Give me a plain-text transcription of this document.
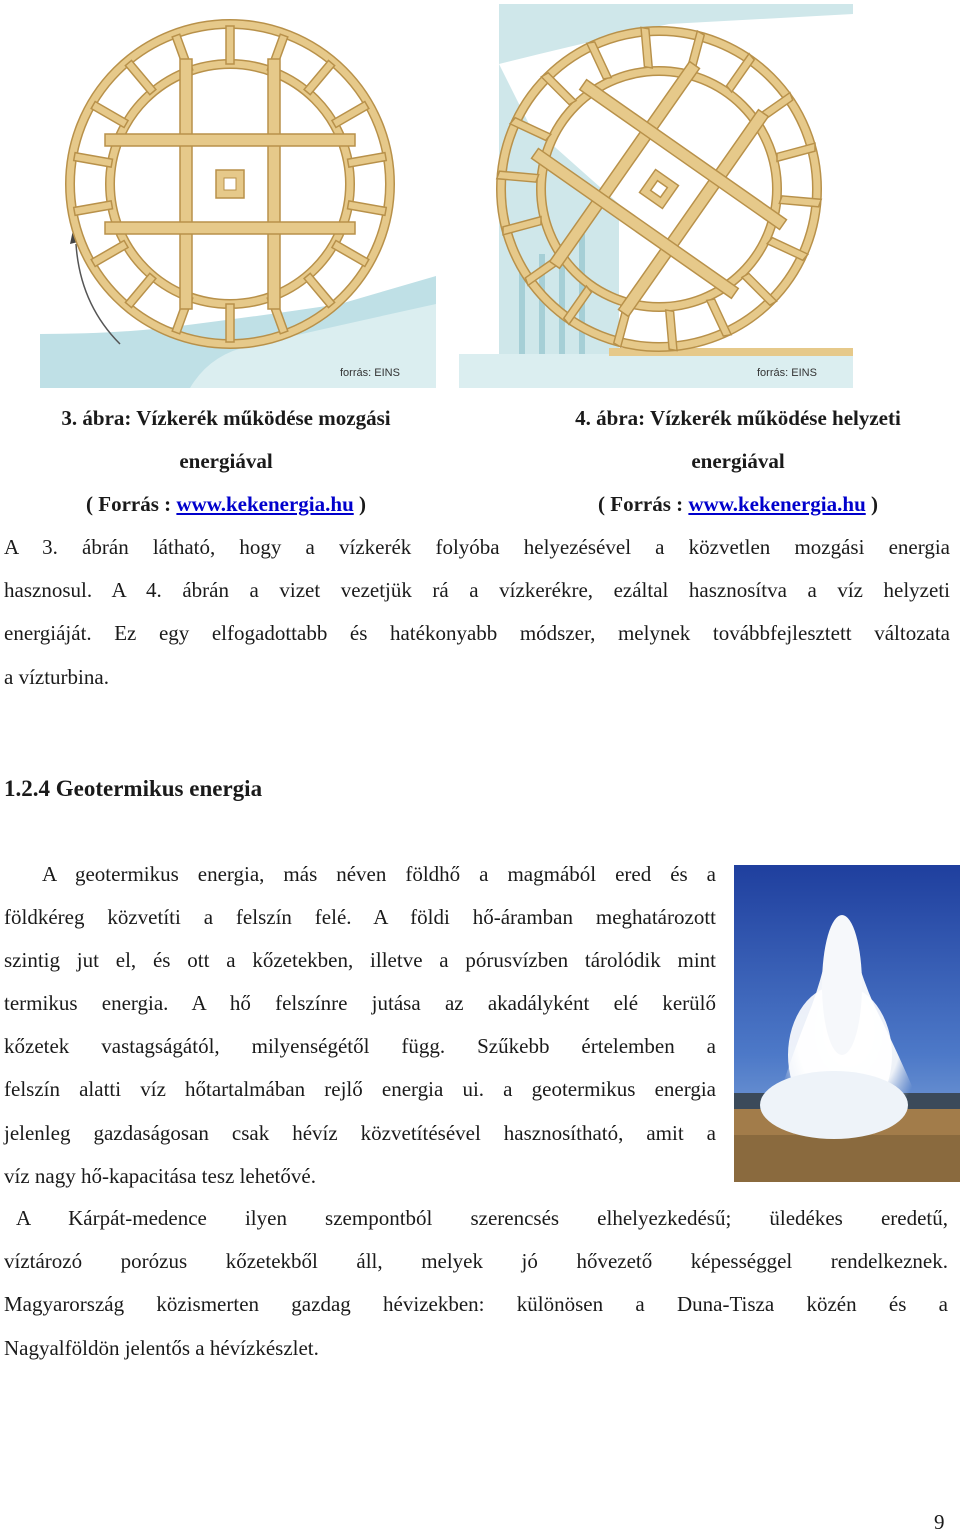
forrás: EINS	forrás: EINS
3. ábra: Vízkerék működése mozgási
energiával
( Forrás : www.kekenergia.hu )
4. ábra: Vízkerék működése helyzeti
energiával
( Forrás : www.kekenergia.hu )
A 3. ábrán látható, hogy a vízkerék folyóba helyezésével a közvetlen mozgási energia
hasznosul. A 4. ábrán a vizet vezetjük rá a vízkerékre, ezáltal hasznosítva a víz helyzeti
energiáját. Ez egy elfogadottabb és hatékonyabb módszer, melynek továbbfejlesztett változata
a vízturbina.
1.2.4 Geotermikus energia
A geotermikus energia, más néven földhő a magmából ered és a
földkéreg közvetíti a felszín felé. A földi hő-áramban meghatározott
szintig jut el, és ott a kőzetekben, illetve a pórusvízben tárolódik mint
termikus energia. A hő felszínre jutása az akadályként elé kerülő
kőzetek vastagságától, milyenségétől függ. Szűkebb értelemben a
felszín alatti víz hőtartalmában rejlő energia ui. a geotermikus energia
jelenleg gazdaságosan csak hévíz közvetítésével hasznosítható, amit a
víz nagy hő-kapacitása tesz lehetővé.
A Kárpát-medence ilyen szempontból szerencsés elhelyezkedésű; üledékes eredetű,
víztározó porózus kőzetekből áll, melyek jó hővezető képességgel rendelkeznek.
Magyarország közismerten gazdag hévizekben: különösen a Duna-Tisza közén és a
Nagyalföldön jelentős a hévízkészlet.
9
